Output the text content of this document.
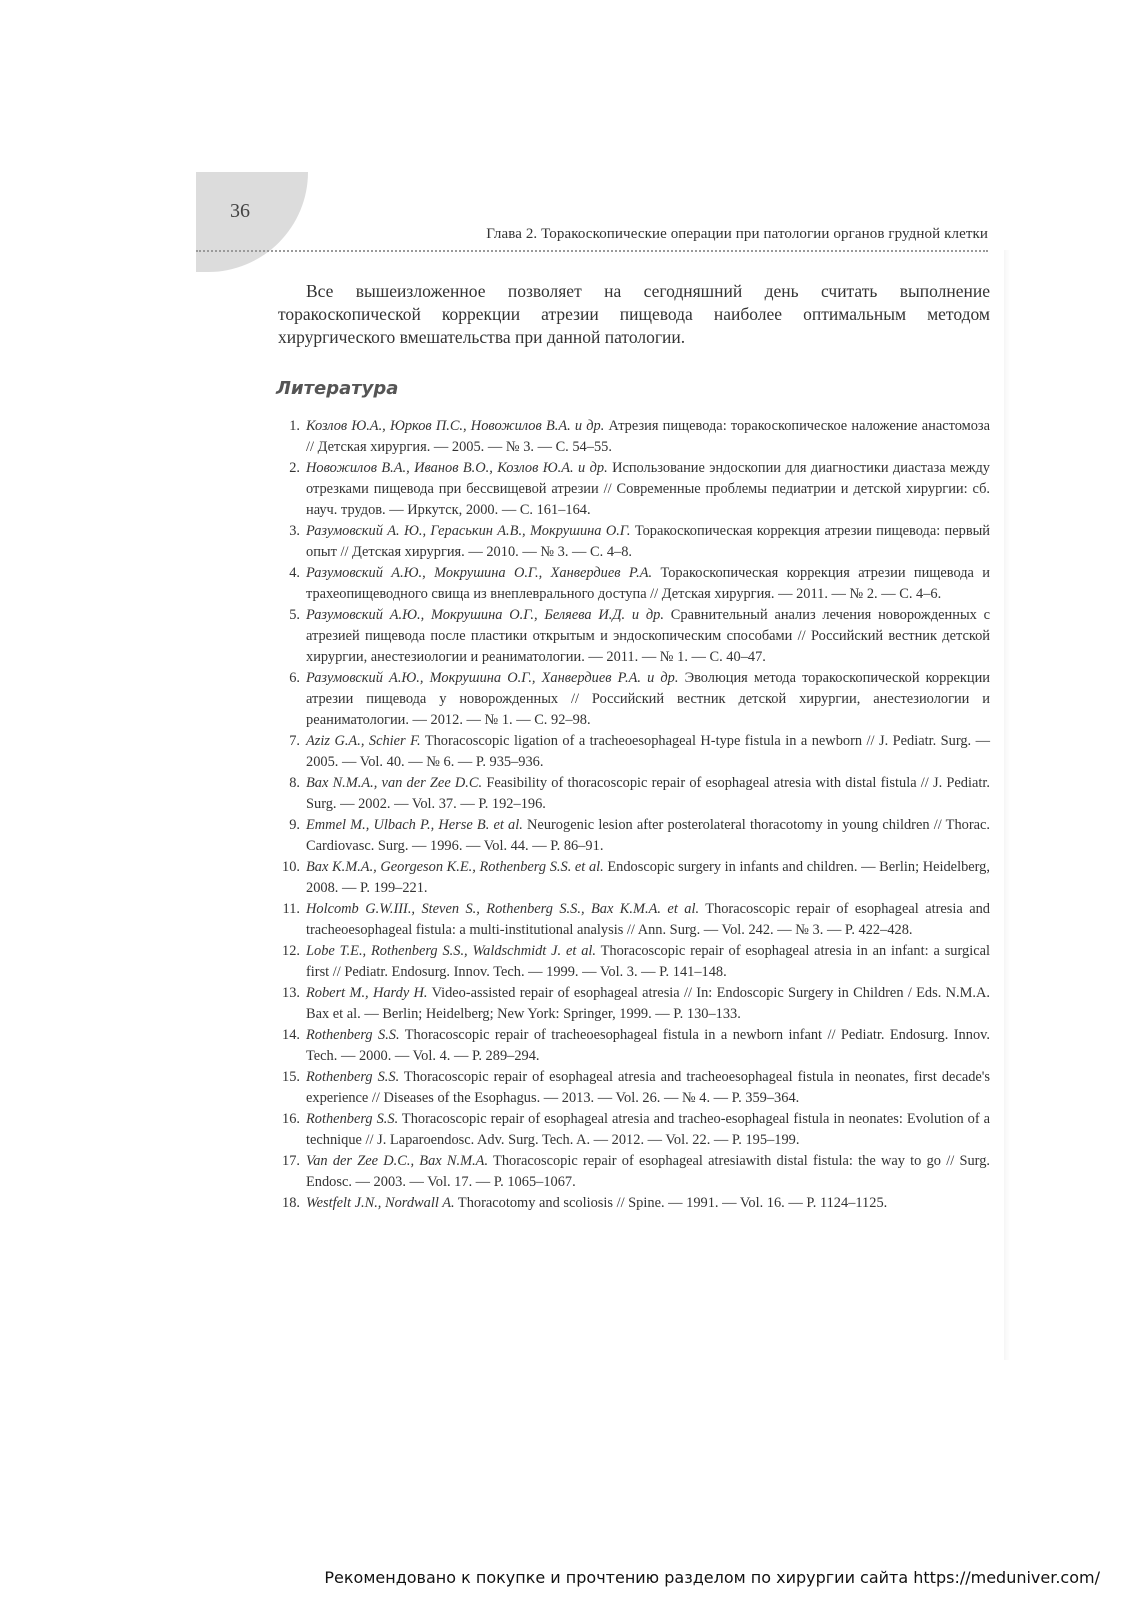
36
Глава 2. Торакоскопические операции при патологии органов грудной клетки

Все вышеизложенное позволяет на сегодняшний день считать выполнение торакоскопической коррекции атрезии пищевода наиболее оптимальным методом хирургического вмешательства при данной патологии.

Литература
1. Козлов Ю.А., Юрков П.С., Новожилов В.А. и др. Атрезия пищевода: торакоскопическое наложение анастомоза // Детская хирургия. — 2005. — № 3. — С. 54–55.
2. Новожилов В.А., Иванов В.О., Козлов Ю.А. и др. Использование эндоскопии для диагностики диастаза между отрезками пищевода при бессвищевой атрезии // Современные проблемы педиатрии и детской хирургии: сб. науч. трудов. — Иркутск, 2000. — С. 161–164.
3. Разумовский А. Ю., Гераськин А.В., Мокрушина О.Г. Торакоскопическая коррекция атрезии пищевода: первый опыт // Детская хирургия. — 2010. — № 3. — С. 4–8.
4. Разумовский А.Ю., Мокрушина О.Г., Ханвердиев Р.А. Торакоскопическая коррекция атрезии пищевода и трахеопищеводного свища из внеплеврального доступа // Детская хирургия. — 2011. — № 2. — С. 4–6.
5. Разумовский А.Ю., Мокрушина О.Г., Беляева И.Д. и др. Сравнительный анализ лечения новорожденных с атрезией пищевода после пластики открытым и эндоскопическим способами // Российский вестник детской хирургии, анестезиологии и реаниматологии. — 2011. — № 1. — С. 40–47.
6. Разумовский А.Ю., Мокрушина О.Г., Ханвердиев Р.А. и др. Эволюция метода торакоскопической коррекции атрезии пищевода у новорожденных // Российский вестник детской хирургии, анестезиологии и реаниматологии. — 2012. — № 1. — С. 92–98.
7. Aziz G.A., Schier F. Thoracoscopic ligation of a tracheoesophageal H-type fistula in a newborn // J. Pediatr. Surg. — 2005. — Vol. 40. — № 6. — P. 935–936.
8. Bax N.M.A., van der Zee D.C. Feasibility of thoracoscopic repair of esophageal atresia with distal fistula // J. Pediatr. Surg. — 2002. — Vol. 37. — P. 192–196.
9. Emmel M., Ulbach P., Herse B. et al. Neurogenic lesion after posterolateral thoracotomy in young children // Thorac. Cardiovasc. Surg. — 1996. — Vol. 44. — P. 86–91.
10. Bax K.M.A., Georgeson K.E., Rothenberg S.S. et al. Endoscopic surgery in infants and children. — Berlin; Heidelberg, 2008. — P. 199–221.
11. Holcomb G.W.III., Steven S., Rothenberg S.S., Bax K.M.A. et al. Thoracoscopic repair of esophageal atresia and tracheoesophageal fistula: a multi-institutional analysis // Ann. Surg. — Vol. 242. — № 3. — P. 422–428.
12. Lobe T.E., Rothenberg S.S., Waldschmidt J. et al. Thoracoscopic repair of esophageal atresia in an infant: a surgical first // Pediatr. Endosurg. Innov. Tech. — 1999. — Vol. 3. — P. 141–148.
13. Robert M., Hardy H. Video-assisted repair of esophageal atresia // In: Endoscopic Surgery in Children / Eds. N.M.A. Bax et al. — Berlin; Heidelberg; New York: Springer, 1999. — P. 130–133.
14. Rothenberg S.S. Thoracoscopic repair of tracheoesophageal fistula in a newborn infant // Pediatr. Endosurg. Innov. Tech. — 2000. — Vol. 4. — P. 289–294.
15. Rothenberg S.S. Thoracoscopic repair of esophageal atresia and tracheoesophageal fistula in neonates, first decade's experience // Diseases of the Esophagus. — 2013. — Vol. 26. — № 4. — P. 359–364.
16. Rothenberg S.S. Thoracoscopic repair of esophageal atresia and tracheo-esophageal fistula in neonates: Evolution of a technique // J. Laparoendosc. Adv. Surg. Tech. A. — 2012. — Vol. 22. — P. 195–199.
17. Van der Zee D.C., Bax N.M.A. Thoracoscopic repair of esophageal atresiawith distal fistula: the way to go // Surg. Endosc. — 2003. — Vol. 17. — P. 1065–1067.
18. Westfelt J.N., Nordwall A. Thoracotomy and scoliosis // Spine. — 1991. — Vol. 16. — P. 1124–1125.
Рекомендовано к покупке и прочтению разделом по хирургии сайта https://meduniver.com/
